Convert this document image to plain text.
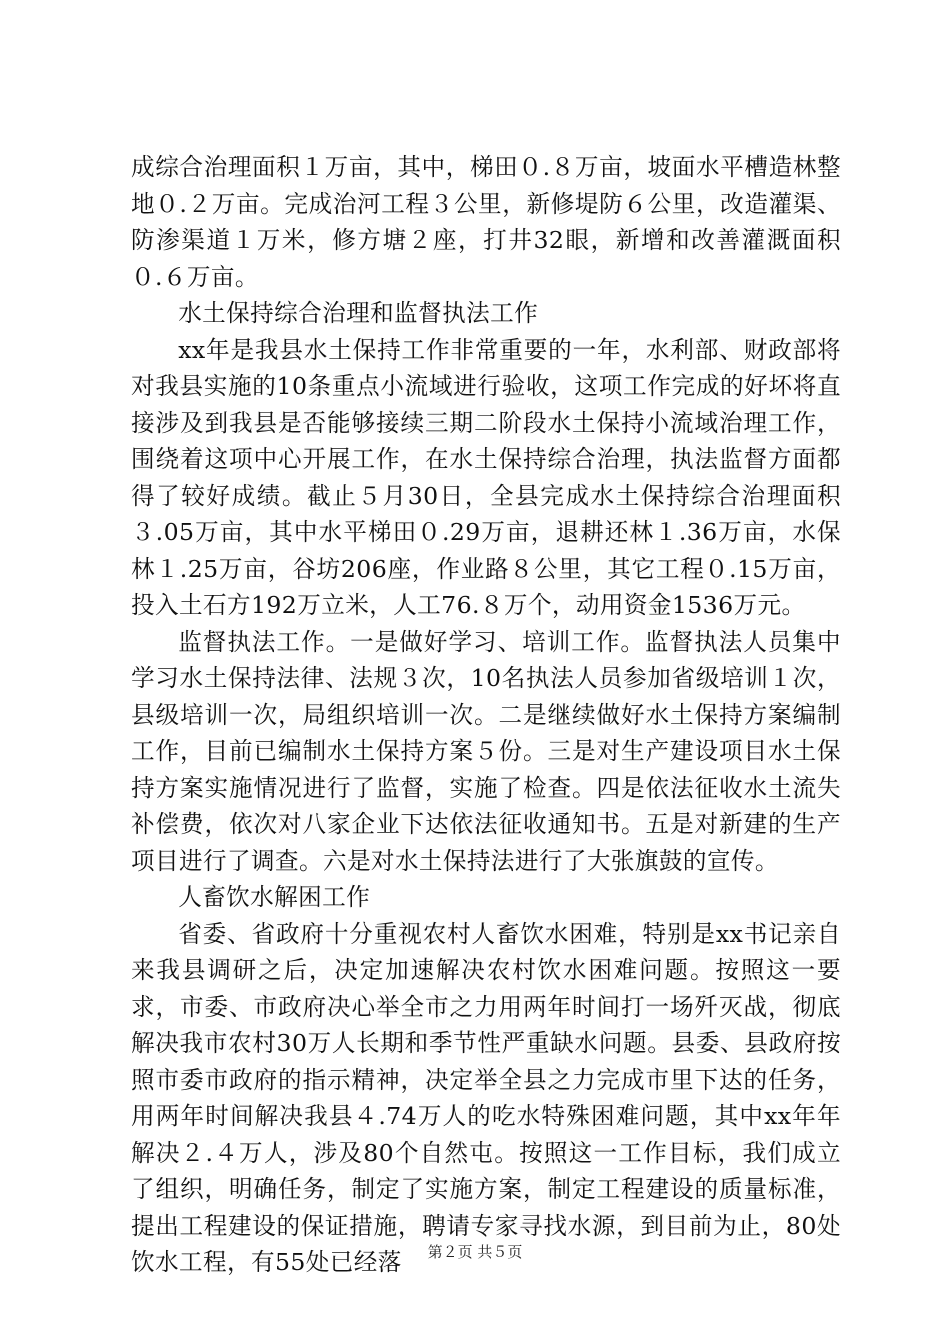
成综合治理面积１万亩，其中，梯田０.８万亩，坡面水平槽造林整地０.２万亩。完成治河工程３公里，新修堤防６公里，改造灌渠、防渗渠道１万米，修方塘２座，打井32眼，新增和改善灌溉面积０.６万亩。

水土保持综合治理和监督执法工作

xx年是我县水土保持工作非常重要的一年，水利部、财政部将对我县实施的10条重点小流域进行验收，这项工作完成的好坏将直接涉及到我县是否能够接续三期二阶段水土保持小流域治理工作，围绕着这项中心开展工作，在水土保持综合治理，执法监督方面都得了较好成绩。截止５月30日，全县完成水土保持综合治理面积３.05万亩，其中水平梯田０.29万亩，退耕还林１.36万亩，水保林１.25万亩，谷坊206座，作业路８公里，其它工程０.15万亩，投入土石方192万立米，人工76.８万个，动用资金1536万元。

监督执法工作。一是做好学习、培训工作。监督执法人员集中学习水土保持法律、法规３次，10名执法人员参加省级培训１次，县级培训一次，局组织培训一次。二是继续做好水土保持方案编制工作，目前已编制水土保持方案５份。三是对生产建设项目水土保持方案实施情况进行了监督，实施了检查。四是依法征收水土流失补偿费，依次对八家企业下达依法征收通知书。五是对新建的生产项目进行了调查。六是对水土保持法进行了大张旗鼓的宣传。

人畜饮水解困工作

省委、省政府十分重视农村人畜饮水困难，特别是xx书记亲自来我县调研之后，决定加速解决农村饮水困难问题。按照这一要求，市委、市政府决心举全市之力用两年时间打一场歼灭战，彻底解决我市农村30万人长期和季节性严重缺水问题。县委、县政府按照市委市政府的指示精神，决定举全县之力完成市里下达的任务，用两年时间解决我县４.74万人的吃水特殊困难问题，其中xx年年解决２.４万人，涉及80个自然屯。按照这一工作目标，我们成立了组织，明确任务，制定了实施方案，制定工程建设的质量标准，提出工程建设的保证措施，聘请专家寻找水源，到目前为止，80处饮水工程，有55处已经落	第２页 共５页
